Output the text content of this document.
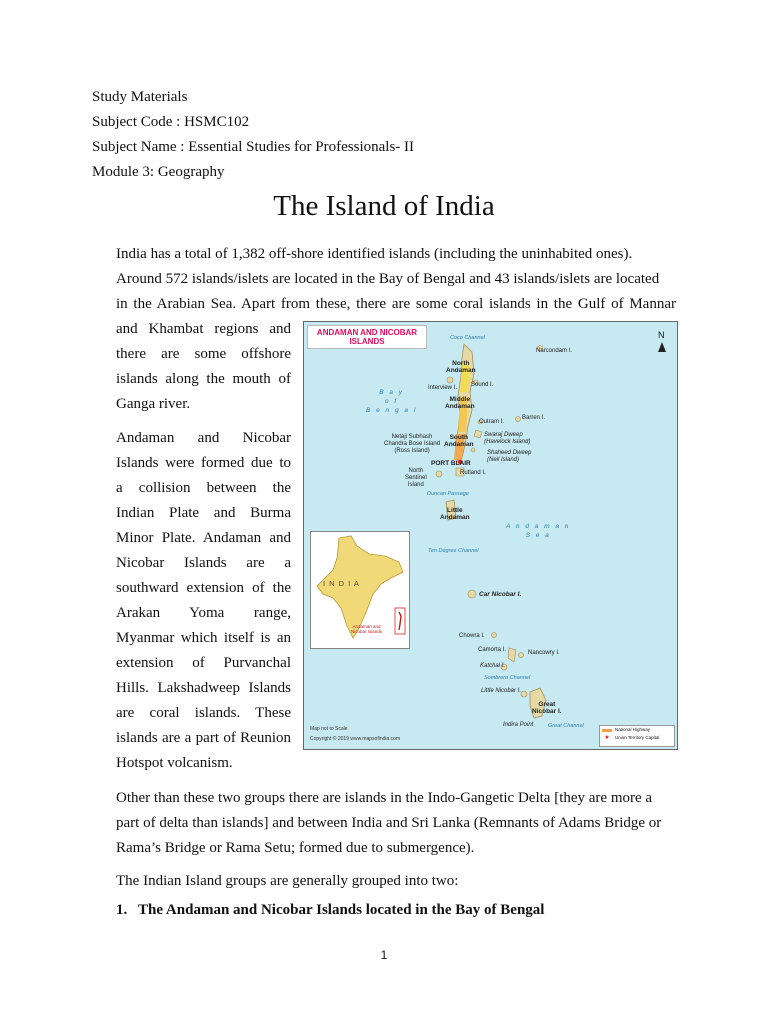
Study Materials
Subject Code : HSMC102
Subject Name : Essential Studies for Professionals- II
Module 3: Geography
The Island of India

India has a total of 1,382 off-shore identified islands (including the uninhabited ones).

Around 572 islands/islets are located in the Bay of Bengal and 43 islands/islets are located

in the Arabian Sea. Apart from these, there are some coral islands in the Gulf of Mannar

and Khambat regions and

there are some offshore

islands along the mouth of

Ganga river.

Andaman and Nicobar

Islands were formed due to

a collision between the

Indian Plate and Burma

Minor Plate. Andaman and

Nicobar Islands are a

southward extension of the

Arakan Yoma range,

Myanmar which itself is an

extension of Purvanchal

Hills. Lakshadweep Islands

are coral islands. These

islands are a part of Reunion

Hotspot volcanism.

ANDAMAN AND NICOBAR
ISLANDS
N
Coco Channel
Narcondam I.
North
Andaman
Interview I. Sound I.
B a y
o f
B e n g a l
Middle
Andaman
Barren I.
Outram I.
Netaji Subhash
Chandra Bose Island
(Ross Island)
South
Andaman
Swaraj Dweep
(Havelock Island)
Shaheed Dweep
(Neil Island)
PORT BLAIR
Rutland I.
North
Sentinel
Island
Duncan Passage
Little
Andaman
A n d a m a n
S e a
Ten Degree Channel
Car Nicobar I.
Chowra I.
Camorta I.	Nancowry I.
Katchal I.
Sombrero Channel
Little Nicobar I.
Great
Nicobar I.
Indira Point	Great Channel
I N D I A
Andaman and
Nicobar Islands
National Highway
★	Union Territory Capital
Map not to Scale
Copyright © 2019 www.mapsofindia.com

Other than these two groups there are islands in the Indo-Gangetic Delta [they are more a

part of delta than islands] and between India and Sri Lanka (Remnants of Adams Bridge or

Rama’s Bridge or Rama Setu; formed due to submergence).

The Indian Island groups are generally grouped into two:

1. The Andaman and Nicobar Islands located in the Bay of Bengal
1
